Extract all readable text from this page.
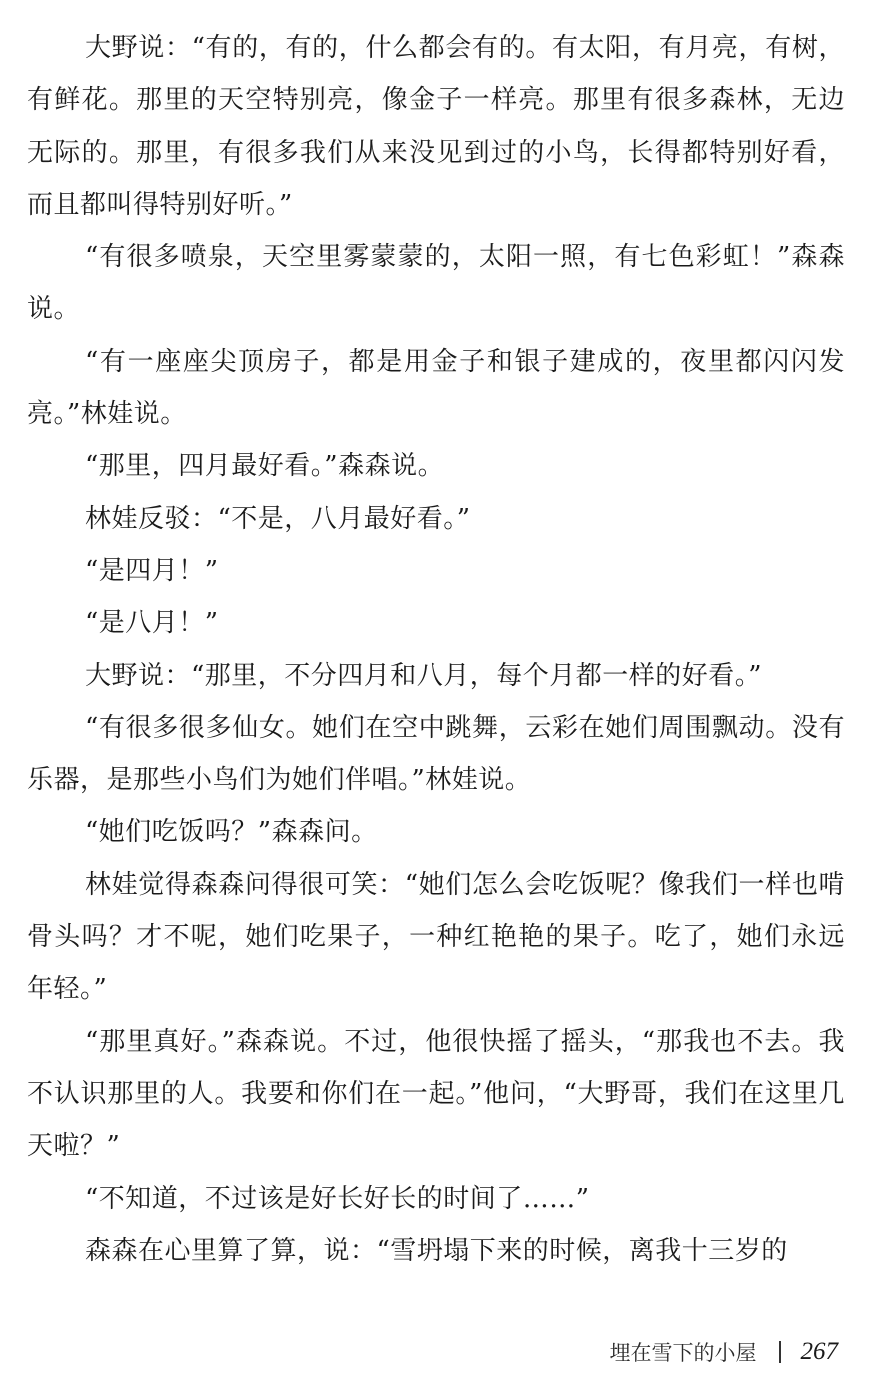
大野说：“有的，有的，什么都会有的。有太阳，有月亮，有树，有鲜花。那里的天空特别亮，像金子一样亮。那里有很多森林，无边无际的。那里，有很多我们从来没见到过的小鸟，长得都特别好看，而且都叫得特别好听。”

“有很多喷泉，天空里雾蒙蒙的，太阳一照，有七色彩虹！”森森说。

“有一座座尖顶房子，都是用金子和银子建成的，夜里都闪闪发亮。”林娃说。

“那里，四月最好看。”森森说。

林娃反驳：“不是，八月最好看。”

“是四月！”

“是八月！”

大野说：“那里，不分四月和八月，每个月都一样的好看。”

“有很多很多仙女。她们在空中跳舞，云彩在她们周围飘动。没有乐器，是那些小鸟们为她们伴唱。”林娃说。

“她们吃饭吗？”森森问。

林娃觉得森森问得很可笑：“她们怎么会吃饭呢？像我们一样也啃骨头吗？才不呢，她们吃果子，一种红艳艳的果子。吃了，她们永远年轻。”

“那里真好。”森森说。不过，他很快摇了摇头，“那我也不去。我不认识那里的人。我要和你们在一起。”他问，“大野哥，我们在这里几天啦？”

“不知道，不过该是好长好长的时间了……”

森森在心里算了算，说：“雪坍塌下来的时候，离我十三岁的

埋在雪下的小屋 267
